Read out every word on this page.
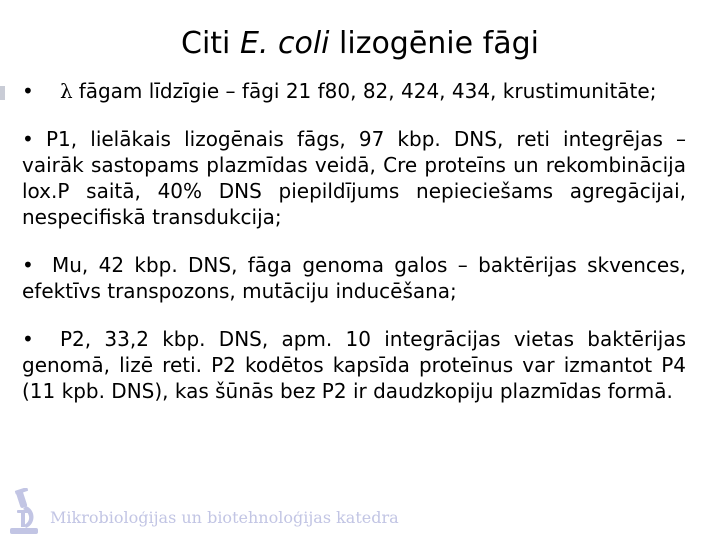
Citi E. coli lizogēnie fāgi
• λ fāgam līdzīgie – fāgi 21 f80, 82, 424, 434, krustimunitāte;
• P1, lielākais lizogēnais fāgs, 97 kbp. DNS, reti integrējas – vairāk sastopams plazmīdas veidā, Cre proteīns un rekombinācija lox.P saitā, 40% DNS piepildījums nepieciešams agregācijai, nespecifiskā transdukcija;
• Mu, 42 kbp. DNS, fāga genoma galos – baktērijas skvences, efektīvs transpozons, mutāciju inducēšana;
• P2, 33,2 kbp. DNS, apm. 10 integrācijas vietas baktērijas genomā, lizē reti. P2 kodētos kapsīda proteīnus var izmantot P4 (11 kpb. DNS), kas šūnās bez P2 ir daudzkopiju plazmīdas formā.
Mikrobioloģijas un biotehnoloģijas katedra
